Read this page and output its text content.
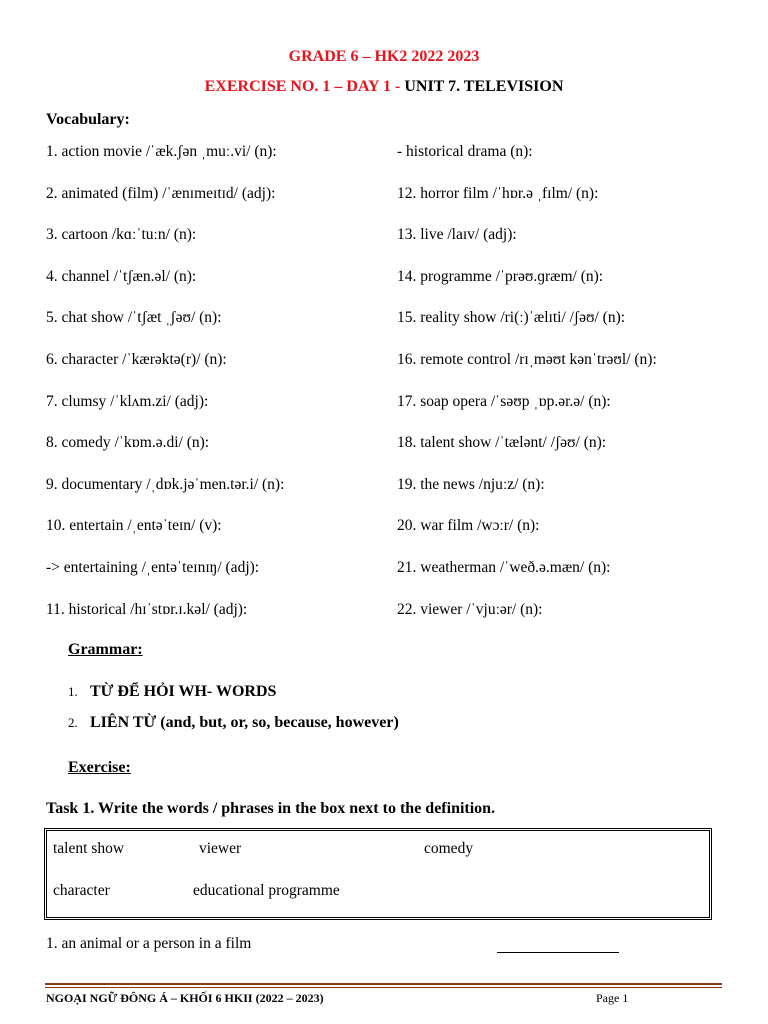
GRADE 6 – HK2 2022 2023
EXERCISE NO. 1 – DAY 1 - UNIT 7. TELEVISION
Vocabulary:
1. action movie /ˈæk.ʃən ˌmuː.vi/ (n):
2. animated (film) /ˈænɪmeɪtɪd/ (adj):
3. cartoon /kɑːˈtuːn/ (n):
4. channel /ˈtʃæn.əl/ (n):
5. chat show /ˈtʃæt ˌʃəʊ/ (n):
6. character /ˈkærəktə(r)/ (n):
7. clumsy /ˈklʌm.zi/ (adj):
8. comedy /ˈkɒm.ə.di/ (n):
9. documentary /ˌdɒk.jəˈmen.tər.i/ (n):
10. entertain /ˌentəˈteɪn/ (v):
-> entertaining /ˌentəˈteɪnɪŋ/ (adj):
11. historical /hɪˈstɒr.ɪ.kəl/ (adj):
- historical drama (n):
12. horror film /ˈhɒr.ə ˌfɪlm/ (n):
13. live /laɪv/ (adj):
14. programme /ˈprəʊ.ɡræm/ (n):
15. reality show /ri(ː)ˈælɪti/ /ʃəʊ/ (n):
16. remote control /rɪˌməʊt kənˈtrəʊl/ (n):
17. soap opera /ˈsəʊp ˌɒp.ər.ə/ (n):
18. talent show /ˈtælənt/ /ʃəʊ/ (n):
19. the news /njuːz/ (n):
20. war film /wɔːr/ (n):
21. weatherman /ˈweð.ə.mæn/ (n):
22. viewer /ˈvjuːər/ (n):
Grammar:
1. TỪ ĐỂ HỎI WH- WORDS
2. LIÊN TỪ (and, but, or, so, because, however)
Exercise:
Task 1. Write the words / phrases in the box next to the definition.
talent show	viewer	comedy
character	educational programme
1. an animal or a person in a film
NGOẠI NGỮ ĐÔNG Á – KHỐI 6 HKII (2022 – 2023)	Page 1
